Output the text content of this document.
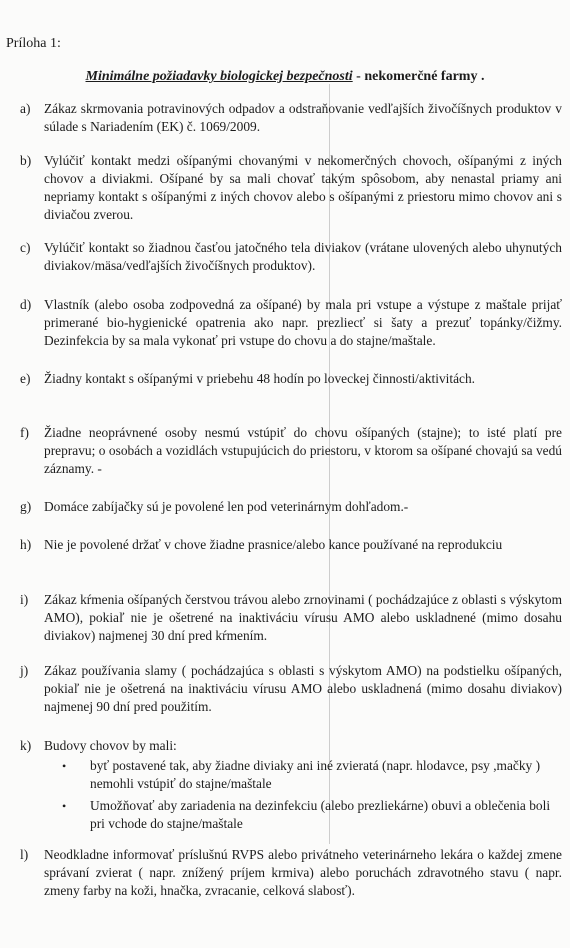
Príloha 1:
Minimálne požiadavky biologickej bezpečnosti - nekomerčné farmy .
a) Zákaz skrmovania potravinových odpadov a odstraňovanie vedľajších živočíšnych produktov v súlade s Nariadením (EK) č. 1069/2009.
b) Vylúčiť kontakt medzi ošípanými chovanými v nekomerčných chovoch, ošípanými z iných chovov a diviakmi. Ošípané by sa mali chovať takým spôsobom, aby nenastal priamy ani nepriamy kontakt s ošípanými z iných chovov alebo s ošípanými z priestoru mimo chovov ani s diviačou zverou.
c) Vylúčiť kontakt so žiadnou časťou jatočného tela diviakov (vrátane ulovených alebo uhynutých diviakov/mäsa/vedľajších živočíšnych produktov).
d) Vlastník (alebo osoba zodpovedná za ošípané) by mala pri vstupe a výstupe z maštale prijať primerané bio-hygienické opatrenia ako napr. prezliecť si šaty a prezuť topánky/čižmy. Dezinfekcia by sa mala vykonať pri vstupe do chovu a do stajne/maštale.
e) Žiadny kontakt s ošípanými v priebehu 48 hodín po loveckej činnosti/aktivitách.
f) Žiadne neoprávnené osoby nesmú vstúpiť do chovu ošípaných (stajne); to isté platí pre prepravu; o osobách a vozidlách vstupujúcich do priestoru, v ktorom sa ošípané chovajú sa vedú záznamy. -
g) Domáce zabíjačky sú je povolené len pod veterinárnym dohľadom.-
h) Nie je povolené držať v chove žiadne prasnice/alebo kance používané na reprodukciu
i) Zákaz kŕmenia ošípaných čerstvou trávou alebo zrnovinami ( pochádzajúce z oblasti s výskytom AMO), pokiaľ nie je ošetrené na inaktiváciu vírusu AMO alebo uskladnené (mimo dosahu diviakov) najmenej 30 dní pred kŕmením.
j) Zákaz používania slamy ( pochádzajúca s oblasti s výskytom AMO) na podstielku ošípaných, pokiaľ nie je ošetrená na inaktiváciu vírusu AMO alebo uskladnená (mimo dosahu diviakov) najmenej 90 dní pred použitím.
k) Budovy chovov by mali:
• byť postavené tak, aby žiadne diviaky ani iné zvieratá (napr. hlodavce, psy ,mačky ) nemohli vstúpiť do stajne/maštale
• Umožňovať aby zariadenia na dezinfekciu (alebo prezliekárne) obuvi a oblečenia boli pri vchode do stajne/maštale
l) Neodkladne informovať príslušnú RVPS alebo privátneho veterinárneho lekára o každej zmene správaní zvierat ( napr. znížený príjem krmiva) alebo poruchách zdravotného stavu ( napr. zmeny farby na koži, hnačka, zvracanie, celková slabosť).
